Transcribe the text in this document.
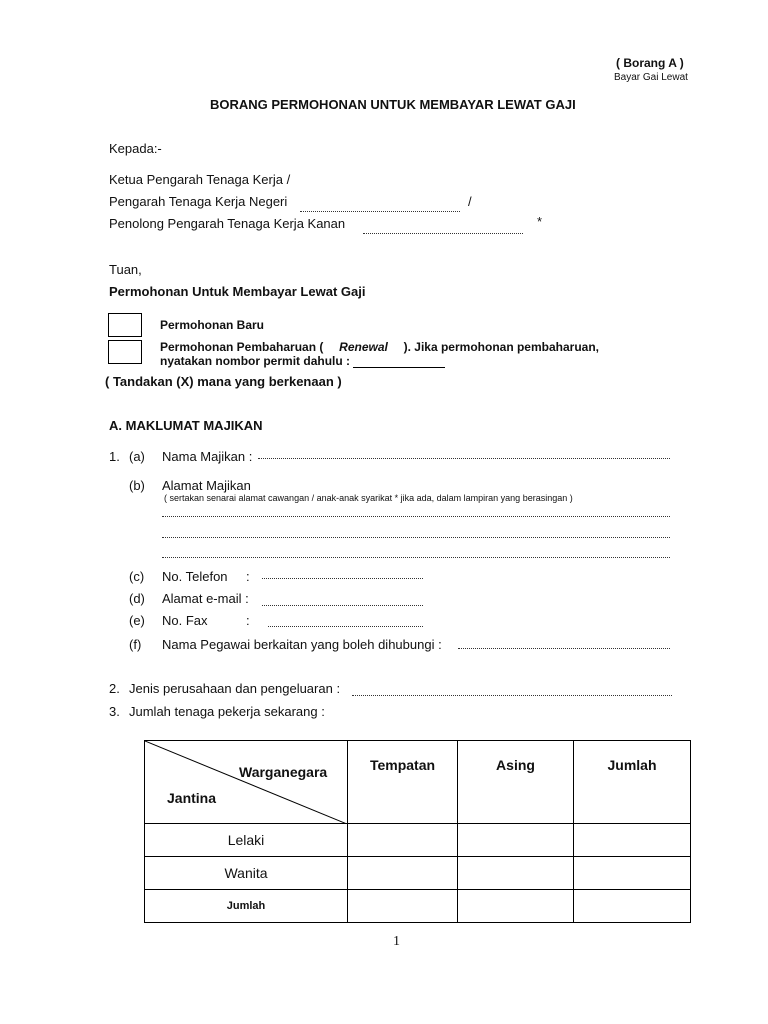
( Borang A )
Bayar Gai Lewat
BORANG PERMOHONAN UNTUK MEMBAYAR LEWAT GAJI
Kepada:-
Ketua Pengarah Tenaga Kerja /
Pengarah Tenaga Kerja Negeri	/
Penolong Pengarah Tenaga Kerja Kanan	*
Tuan,
Permohonan Untuk Membayar Lewat Gaji
Permohonan Baru
Permohonan Pembaharuan ( Renewal ). Jika permohonan pembaharuan,
nyatakan nombor permit dahulu :
( Tandakan (X) mana yang berkenaan )
A. MAKLUMAT MAJIKAN
1. (a) Nama Majikan :
(b) Alamat Majikan
( sertakan senarai alamat cawangan / anak-anak syarikat * jika ada, dalam lampiran yang berasingan )
(c) No. Telefon :
(d) Alamat e-mail :
(e) No. Fax	:
(f) Nama Pegawai berkaitan yang boleh dihubungi :
2. Jenis perusahaan dan pengeluaran :
3. Jumlah tenaga pekerja sekarang :
Warganegara
Jantina	Tempatan	Asing	Jumlah
Lelaki			
Wanita			
Jumlah			
1
